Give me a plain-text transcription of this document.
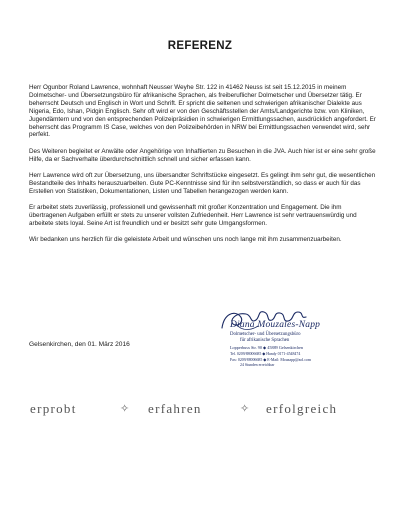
REFERENZ

Herr Ogunbor Roland Lawrence, wohnhaft Neusser Weyhe Str. 122 in 41462 Neuss ist seit 15.12.2015 in meinem Dolmetscher- und Übersetzungsbüro für afrikanische Sprachen, als freiberuflicher Dolmetscher und Übersetzer tätig. Er beherrscht Deutsch und Englisch in Wort und Schrift. Er spricht die seltenen und schwierigen afrikanischer Dialekte aus Nigeria, Edo, Ishan, Pidgin Englisch. Sehr oft wird er von den Geschäftsstellen der Amts/Landgerichte bzw. von Kliniken, Jugendämtern und von den entsprechenden Polizeipräsidien in schwierigen Ermittlungssachen, ausdrücklich angefordert. Er beherrscht das Programm IS Case, welches von den Polizeibehörden in NRW bei Ermittlungssachen verwendet wird, sehr perfekt.

Des Weiteren begleitet er Anwälte oder Angehörige von Inhaftierten zu Besuchen in die JVA. Auch hier ist er eine sehr große Hilfe, da er Sachverhalte überdurchschnittlich schnell und sicher erfassen kann.

Herr Lawrence wird oft zur Übersetzung, uns übersandter Schriftstücke eingesetzt. Es gelingt ihm sehr gut, die wesentlichen Bestandteile des Inhalts herauszuarbeiten. Gute PC-Kenntnisse sind für ihn selbstverständlich, so dass er auch für das Erstellen von Statistiken, Dokumentationen, Listen und Tabellen herangezogen werden kann.

Er arbeitet stets zuverlässig, professionell und gewissenhaft mit großer Konzentration und Engagement. Die ihm übertragenen Aufgaben erfüllt er stets zu unserer vollsten Zufriedenheit. Herr Lawrence ist sehr vertrauenswürdig und arbeitete stets loyal. Seine Art ist freundlich und er besitzt sehr gute Umgangsformen.

Wir bedanken uns herzlich für die geleistete Arbeit und wünschen uns noch lange mit ihm zusammenzuarbeiten.

Gelsenkirchen, den 01. März 2016
Diana Mouzales-Napp
Dolmetscher- und Übersetzungsbüro
für afrikanische Sprachen
Lopperbusx Str. 90 ◆ 45889 Gelsenkirchen
Tel. 0209/88006685 ◆ Handy 0171-4548474
Fax: 0209/88006685 ◆ E-Mail: Mouzapp@aol.com
24 Stunden erreichbar
erprobt	✧ erfahren	✧ erfolgreich
